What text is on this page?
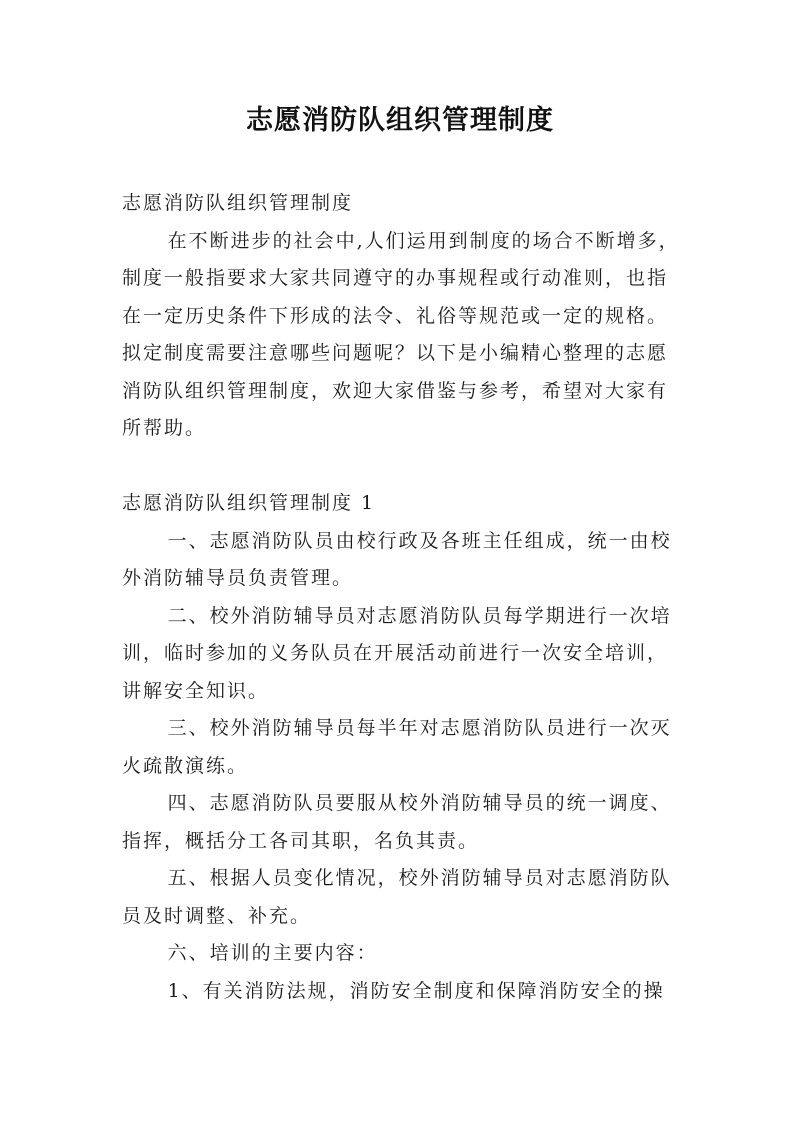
志愿消防队组织管理制度

志愿消防队组织管理制度

在不断进步的社会中,人们运用到制度的场合不断增多，制度一般指要求大家共同遵守的办事规程或行动准则，也指在一定历史条件下形成的法令、礼俗等规范或一定的规格。拟定制度需要注意哪些问题呢？以下是小编精心整理的志愿消防队组织管理制度，欢迎大家借鉴与参考，希望对大家有所帮助。

志愿消防队组织管理制度 1

一、志愿消防队员由校行政及各班主任组成，统一由校外消防辅导员负责管理。

二、校外消防辅导员对志愿消防队员每学期进行一次培训，临时参加的义务队员在开展活动前进行一次安全培训，讲解安全知识。

三、校外消防辅导员每半年对志愿消防队员进行一次灭火疏散演练。

四、志愿消防队员要服从校外消防辅导员的统一调度、指挥，概括分工各司其职，名负其责。

五、根据人员变化情况，校外消防辅导员对志愿消防队员及时调整、补充。

六、培训的主要内容：

1、有关消防法规，消防安全制度和保障消防安全的操
